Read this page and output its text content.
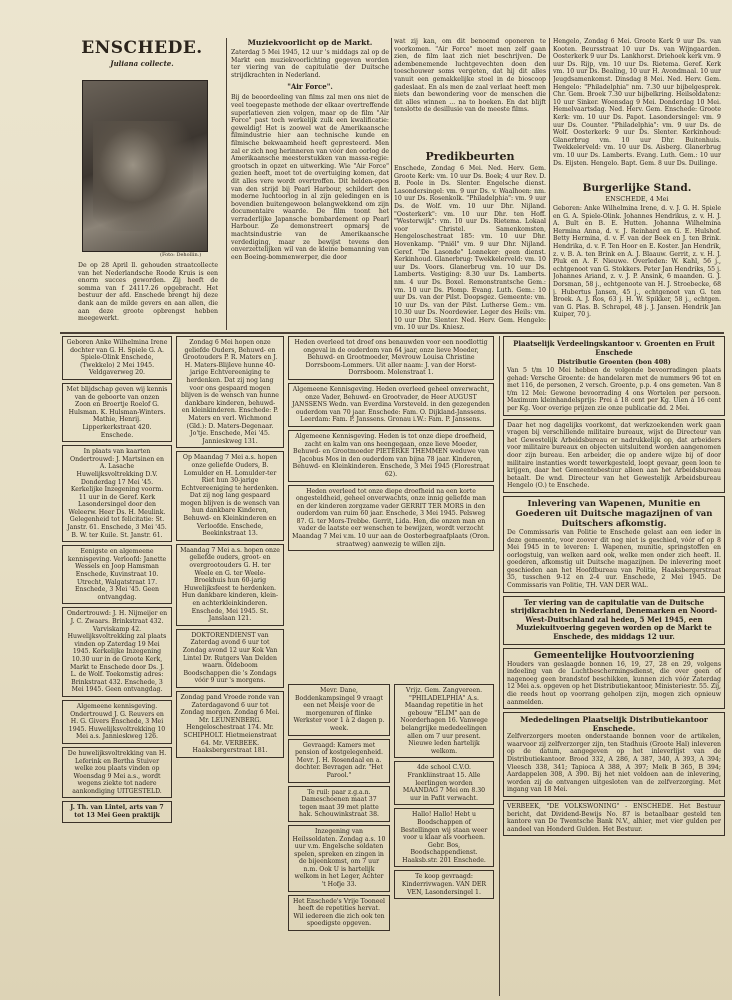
ENSCHEDE.
Juliana collecte.
(Foto: Dehollin.)
De op 28 April ll. gehouden straatcollecte van het Nederlandsche Roode Kruis is een enorm succes geworden. Zij heeft de somma van f 24117.26 opgebracht. Het bestuur der afd. Enschede brengt hij deze dank aan de milde gevers en aan allen, die aan deze groote opbrengst hebben meegewerkt.
Muziekvoorlicht op de Markt.
Zaterdag 5 Mei 1945, 12 uur 's middags zal op de Markt een muziekvoorlichting gegeven worden ter viering van de capitulatie der Duitsche strijdkrachten in Nederland.
"Air Force".
Bij de beoordeeling van films zal men ons niet de veel toegepaste methode der elkaar overtreffende superlatieven zien volgen, maar op de film "Air Force" past toch werkelijk zulk een kwalificatie: geweldig! Het is zoowel wat de Amerikaansche filmindustrie hier aan technische kunde en filmische bekwaamheid heeft gepresteerd. Men zal er zich nog herinneren van vóór den oorlog de Amerikaansche meesterstukken van massa-regie: grootsch in opzet en uitwerking. Wie "Air Force" gezien heeft, moet tot de overtuiging komen, dat dit alles vere wordt overtroffen. Dit helden-epos van den strijd bij Pearl Harbour, schildert den moderne luchtoorlog in al zijn geledingen en is bovendien buitengewoon belangwekkend om zijn documentaire waarde. De film toont het verraderlijke Japansche bombardement op Pearl Harbour. Ze demonstreert opmarsj de machtsindustrie van de Amerikaansche verdediging, maar ze bewijst tevens den onverzettelijken wil van de kleine bemanning van een Boeing-bommenwerper, die door
wat zij kan, om dit benoemd oponeren te voorkomen. "Air Force" moet men zelf gaan zien, de film laat zich niet beschrijven. De adembenemende luchtgevechten doen den toeschouwer soms vergeten, dat hij dit alles vanuit een gemakkelijke stoel in de bioscoop gadeslaat. En als men de zaal verlaat heeft men niets dan bewondering voor de menschen die dit alles winnen ... na to boeken. En dat blijft tenslotte de desillusie van de meeste films.
Predikbeurten
Enschede, Zondag 6 Mei. Ned. Herv. Gem. Groote Kerk: vm. 10 uur Ds. Boek; 4 uur Rev. D. B. Poole in Ds. Slenter. Engelsche dienst. Lasondersingel: vm. 9 uur Ds. v. Waalhoen: nm. 10 uur Ds. Rosenkolk. "Philadelphia": vm. 9 uur Ds. de Wolf. vm. 10 uur Dhr. Nijland. "Oosterkerk": vm. 10 uur Dhr. ten Hoff. "Westerwijk": vm. 10 uur Ds. Rietema. Lokaal voor Christel. Samenkomsten, Hengeloschestraat 185: vm. 10 uur Dhr. Hovenkamp. "Pniël" vm. 9 uur Dhr. Nijland. Geref. "De Lasonde" Lonneker: geen dienst. Kerkinhoud. Glanerbrug: Twekkelerveld: vm. 10 uur Ds. Voors. Glanerbrug vm. 10 uur Ds. Lamberts. Vestiging: 8.30 uur Ds. Lamberts. nm. 4 uur Ds. Boxel. Remonstrantsche Gem.: vm. 10 uur Ds. Plomp. Evang. Luth. Gem.: 10 uur Ds. van der Pilst. Doopsgez. Gemeente: vm. 10 uur Ds. van der Pilst. Lutherse Gem.: vm. 10.30 uur Ds. Noordewier. Leger des Heils: vm. 10 uur Dhr. Slenter. Ned. Herv. Gem. Hengelo: vm. 10 uur Ds. Kniesz.
Hengelo, Zondag 6 Mei. Groote Kerk 9 uur Ds. van Kooten. Beursstraat 10 uur Ds. van Wijngaarden. Oosterkerk 9 uur Ds. Lankhorst. Driehoek kerk vm. 9 uur Ds. Rijp, vm. 10 uur Ds. Rietema. Geref. Kerk vm. 10 uur Ds. Bealing, 10 uur H. Avondmaal. 10 uur Jeugdsamenkomst. Dinsdag 8 Mei. Ned. Herv. Gem. Hengelo: "Philadelphia" nm. 7.30 uur bijbelgesprek. Chr. Gem. Broek 7.30 uur bijbelkring. Heilsoldatenz: 10 uur Sinker. Woensdag 9 Mei. Donderdag 10 Mei. Hemelvaartsdag. Ned. Herv. Gem. Enschede: Groote Kerk: vm. 10 uur Ds. Papot. Lasondersingel: vm. 9 uur Ds. Counter. "Philadelphia": vm. 9 uur Ds. de Wolf. Oosterkerk: 9 uur Ds. Slenter. Kerkinhoud: Glanerbrug vm. 10 uur Dhr. Buitenhuis. Twekkelerveld: vm. 10 uur Ds. Aisberg. Glanerbrug vm. 10 uur Ds. Lamberts. Evang. Luth. Gem.: 10 uur Ds. Eijsten. Hengelo. Bapt. Gem. 8 uur Ds. Duilinge.
Burgerlijke Stand.
ENSCHEDE, 4 Mei
Geboren: Anke Wilhelmina Irene, d. v. J. G. H. Spiele en G. A. Spiele-Olink. Johannes Hendrikus, z. v. H. J. A. Bult en B. E. Hutten. Johanna Wilhelmina Hermina Anna, d. v. J. Reinhard en G. E. Hulshof. Betty Hermina, d. v. F. van der Beek en J. ten Brink. Hendrika, d. v. F. Ten Hoor en E. Koster. Jan Hendrik, z. v. B. A. ten Brink en A. J. Blaauw. Gerrit, z. v. H. J. Pluk en A. F. Nieuwe. Overleden: W. Kahl, 56 j., echtgenoot van G. Stokkers. Peter Jan Hendriks, 55 j. Johannes Ariand, z. v. J. P. Ansink, 6 maanden. G. J. Dorsman, 58 j., echtgenoote van H. J. Stroebecke, 68 j. Hubertus Jansen, 45 j., echtgenoot van G. ten Broek. A. J. Ros, 63 j. H. W. Spikker, 58 j., echtgen. van G. Plas. B. Schrapel, 48 j. J. Jansen. Hendrik Jan Kuiper, 70 j.
Geboren Anke Wilhelmina Irene dochter van G. H. Spiele G. A. Spiele-Olink Enschede, (Twekkelo) 2 Mei 1945. Veldgaverweg 20.
Met blijdschap geven wij kennis van de geboorte van onzen Zoon en Broertje Roelof G. Hulsman. K. Hulsman-Winters. Mathie, Henrij. Lipperkerkstraat 420. Enschede.
In plaats van kaarten Ondertrouwd: J. Martsinen en A. Lasache Huwelijksvoltrekking D.V. Donderdag 17 Mei '45. Kerkelijke Inzegening voorm. 11 uur in de Geref. Kerk Lasondersingel door den Weleerw. Heer Ds. H. Meulink. Gelegenheid tot felicitatie: St. Janstr. 61. Enschede, 3 Mei '45. B. W. ter Kuile. St. Janstr. 61.
Eenigste en algemeene kennisgeving. Verloofd: Janette Wessels en Joop Hamsman Enschede, Kuvinstraat 10. Utrecht, Walgatstraat 17. Enschede, 3 Mei '45. Geen ontvangdag.
Ondertrouwd: J. H. Nijmeijer en J. C. Zwaars. Brinkstraat 432. Varviskamp 42. Huwelijksvoltrekking zal plaats vinden op Zaterdag 19 Mei 1945. Kerkelijke Inzegening 10.30 uur in de Groote Kerk, Markt te Enschede door Ds. J. L. de Wolf. Toekomstig adres: Brinkstraat 432. Enschede, 3 Mei 1945. Geen ontvangdag.
Algemeene kennisgeving. Ondertrouwd J. G. Reuvers en H. G. Givers Enschede, 3 Mei 1945. Huwelijksvoltrekking 10 Mei a.s. Jannieskweg 126.
De huwelijksvoltrekking van H. Leferink en Bertha Stuiver welke zou plaats vinden op Woensdag 9 Mei a.s., wordt wegens ziekte tot nadere aankondiging UITGESTELD.
J. Th. van Lintel, arts van 7 tot 13 Mei Geen praktijk
Zondag 6 Mei hopen onze geliefde Ouders, Behuwd- en Grootouders P. R. Maters en J. H. Maters-Blijleve hunne 40-jarige Echtvereeniging te herdenken. Dat zij nog lang voor ons gespaard mogen blijven is de wensch van hunne dankbare kinderen, behuwd- en kleinkinderen. Enschede: P. Maters en verl. Wichmond (Gld.): D. Maters-Degenaar. Jo'tje. Enschede, Mei '45. Jannieskweg 131.
Op Maandag 7 Mei a.s. hopen onze geliefde Ouders, B. Lomulder en H. Lomulder-ter Riet hun 30-jarige Echtvereeniging te herdenken. Dat zij nog lang gespaard mogen blijven is de wensch van hun dankbare Kinderen, Behuwd- en Kleinkinderen en Verloofde. Enschede, Beekinkstraat 13.
Maandag 7 Mei a.s. hopen onze geliefde ouders, groot- en overgrootouders G. H. ter Weele en G. ter Weele-Broekhuis hun 60-jarig Huwelijksfeest te herdenken. Hun dankbare kinderen, klein- en achterkleinkinderen. Enschede, Mei 1945. St. Janslaan 121.
DOKTORENDIENST van Zaterdag avond 6 uur tot Zondag avond 12 uur Kok Van Lintel Dr. Rutgers Van Delden waarn. Oldeboom Boodschappen die 's Zondags vóór 9 uur 's morgens.
Zondag pand Vroede ronde van Zaterdagavond 6 uur tot Zondag morgen. Zondag 6 Mei. Mr. LEUNENBERG. Hengeloschestraat 174. Mr. SCHIPHOLT. Hietmeienstraat 64. Mr. VERBEEK. Haaksbergerstraat 181.
Heden overleed tot droef ons benauwden voor een noodlottig ongeval in de ouderdom van 64 jaar, onze lieve Moeder, Behuwd- en Grootmoeder, Mevrouw Louisa Christine Dorrsboom-Lommers. Uit aller naam: J. van der Horst-Dorrsboom. Molenstraat 1.
Algemeene Kennisgeving. Heden overleed geheel onverwacht, onze Vader, Behuwd- en Grootvader, de Heer AUGUST JANSSENS Wedn. van Everdina Vorsteveld. in den gezegenden ouderdom van 70 jaar. Enschede: Fam. O. Dijkland-Janssens. Leerdam: Fam. P. Janssens. Gronau i.W.: Fam. P. Janssens.
Algemeene Kennisgeving. Heden is tot onze diepe droefheid, zacht en kalm van ons heengegaan, onze lieve Moeder, Behuwd- en Grootmoeder PIETERKE THEMMEN weduwe van Jacobus Mos in den ouderdom van bijna 78 jaar. Kinderen, Behuwd- en Kleinkinderen. Enschede, 3 Mei 1945 (Florestraat 62).
Heden overleed tot onze diepe droefheid na een korte ongesteldheid, geheel onverwachts, onze innig geliefde man en der kinderen zorgzame vader GERRIT TER MORS in den ouderdom van ruim 60 jaar. Enschede, 3 Mei 1945. Pelsweg 87. G. ter Mors-Trebbe. Gerrit, Lida. Hen, die onzen man en vader de laatste eer wenschen te bewijzen, wordt verzocht Maandag 7 Mei v.m. 10 uur aan de Oosterbegraafplaats (Oron. straatweg) aanwezig te willen zijn.
Mevr. Dane, Boddenkampsingel 9 vraagt een net Meisje voor de morgenuren of flinke Werkster voor 1 à 2 dagen p. week.
Gevraagd: Kamers met pension of kostgelegenheid. Mevr. J. H. Rosendaal en a. dochter. Bevragen adr. "Het Parool."
Te ruil: paar z.g.a.n. Dameschoenen maat 37 tegen maat 39 met platte hak. Schouwinkstraat 38.
Inzegening van Heilssoldaten. Zondag a.s. 10 uur v.m. Engelsche soldaten spelen, spreken en zingen in de bijeenkomst, om 7 uur n.m. Ook U is hartelijk welkom in het Leger, Achter 't Hofje 33.
Het Enschede's Vrije Tooneel heeft de repetities hervat. Wil iedereen die zich ook ten spoedigste opgeven.
Vrijz. Gem. Zangvereen. "PHILADELPHIA" A.s. Maandag repetitie in het gebouw "ELIM" aan de Noorderhagen 16. Vanwege belangrijke mededeelingen allen om 7 uur present. Nieuwe leden hartelijk welkom.
4de school C.V.O. Frankliinstraat 15. Alle leerlingen worden MAANDAG 7 Mei om 8.30 uur in Pafit verwacht.
Hallo! Hallo! Hebt u Boodschappen of Bestellingen wij staan weer voor u klaar als voorheen. Gebr. Bos, Boodschappendienst. Haaksb.str. 201 Enschede.
Te koop gevraagd: Kinderrivwagen. VAN DER VEN, Lasondersingel 1.
Plaatselijk Verdeelingskantoor v. Groenten en Fruit Enschede
Distributie Groenten (bon 408)
Van 5 t/m 10 Mei hebben de volgende bevoorradingen plaats gehad: Versche Groente: de handelaren met de nummers 96 tot en met 116, de personen, 2 versch. Groente, p.p. 4 ons gemeten. Van 8 t/m 12 Mei: Gewone bevoorrading 4 ons Wortelen per persoon. Maximum kleinhandelsprijs: Prei á 18 cent per Kg. Uien á 16 cent per Kg. Voor overige prijzen zie onze publicatie dd. 2 Mei.
Daar het nog dagelijks voorkomt, dat werkzoekenden werk gaan vragen bij verschillende militaire bureaux, wijst de Directeur van het Gewestelijk Arbeidsbureau er nadrukkelijk op, dat arbeiders voor militaire bureaux en objecten uitsluitend worden aangenomen door zijn bureau. Een arbeider, die op andere wijze bij of door militaire instanties wordt tewerkgesteld, loopt gevaar, geen loon te krijgen, daar het Gemeentebestuur alleen aan het Arbeidsbureau betaalt. De wnd. Directeur van het Gewestelijk Arbeidsbureau Hengelo (O.) te Enschede.
Inlevering van Wapenen, Munitie en Goederen uit Duitsche magazijnen of van Duitschers afkomstig.
De Commissaris van Politie te Enschede gelast aan een ieder in deze gemeente, voor zoover dit nog niet is geschied, vóór of op 8 Mei 1945 in te leveren: I. Wapenen, munitie, springstoffen en oorlogstuig, van welken aard ook, welke men onder zich heeft. II. goederen, afkomstig uit Duitsche magazijnen. De inlevering moet geschieden aan het Hoofdbureau van Politie, Haaksbergerstraat 35, tusschen 9-12 en 2-4 uur. Enschede, 2 Mei 1945. De Commissaris van Politie, TH. VAN DER WAL.
Ter viering van de capitulatie van de Duitsche strijdkrachten in Nederland, Denemarken en Noord-West-Duitschland zal heden, 5 Mei 1945, een Muziekuitvoering gegeven worden op de Markt te Enschede, des middags 12 uur.
Gemeentelijke Houtvoorziening
Houders van geslaagde bonnen 16, 19, 27, 28 en 29, volgens indeeling van de Luchtbeschermingsdienst, die over geen of nagenoeg geen brandstof beschikken, kunnen zich vóór Zaterdag 12 Mei a.s. opgeven op het Distributiekantoor, Ministeriestr. 55. Zij, die reeds hout op voorrang geholpen zijn, mogen zich opnieuw aanmelden.
Mededelingen Plaatselijk Distributiekantoor Enschede.
Zelfverzorgers moeten onderstaande bonnen voor de artikelen, waarvoor zij zelfverzorger zijn, ten Stadhuis (Groote Hal) inleveren op de datum, aangegeven op het inleverlijst van de Distributiekantoor. Brood 332, A 286, A 387, 340, A 393, A 394; Vleesch 338, 341; Tapioca A 388, A 397; Melk B 365, B 394; Aardappelen 308, A 390. Bij het niet voldoen aan de inlevering, worden zij de ontvangen uitgesloten van de zelfverzorging. Met ingang van 18 Mei.
VERBEEK, "DE VOLKSWONING" - ENSCHEDE. Het Bestuur bericht, dat Dividend-Bewijs No. 87 is betaalbaar gesteld ten kantore van De Twentsche Bank N.V., alhier, met vier gulden per aandeel van Honderd Gulden. Het Bestuur.
